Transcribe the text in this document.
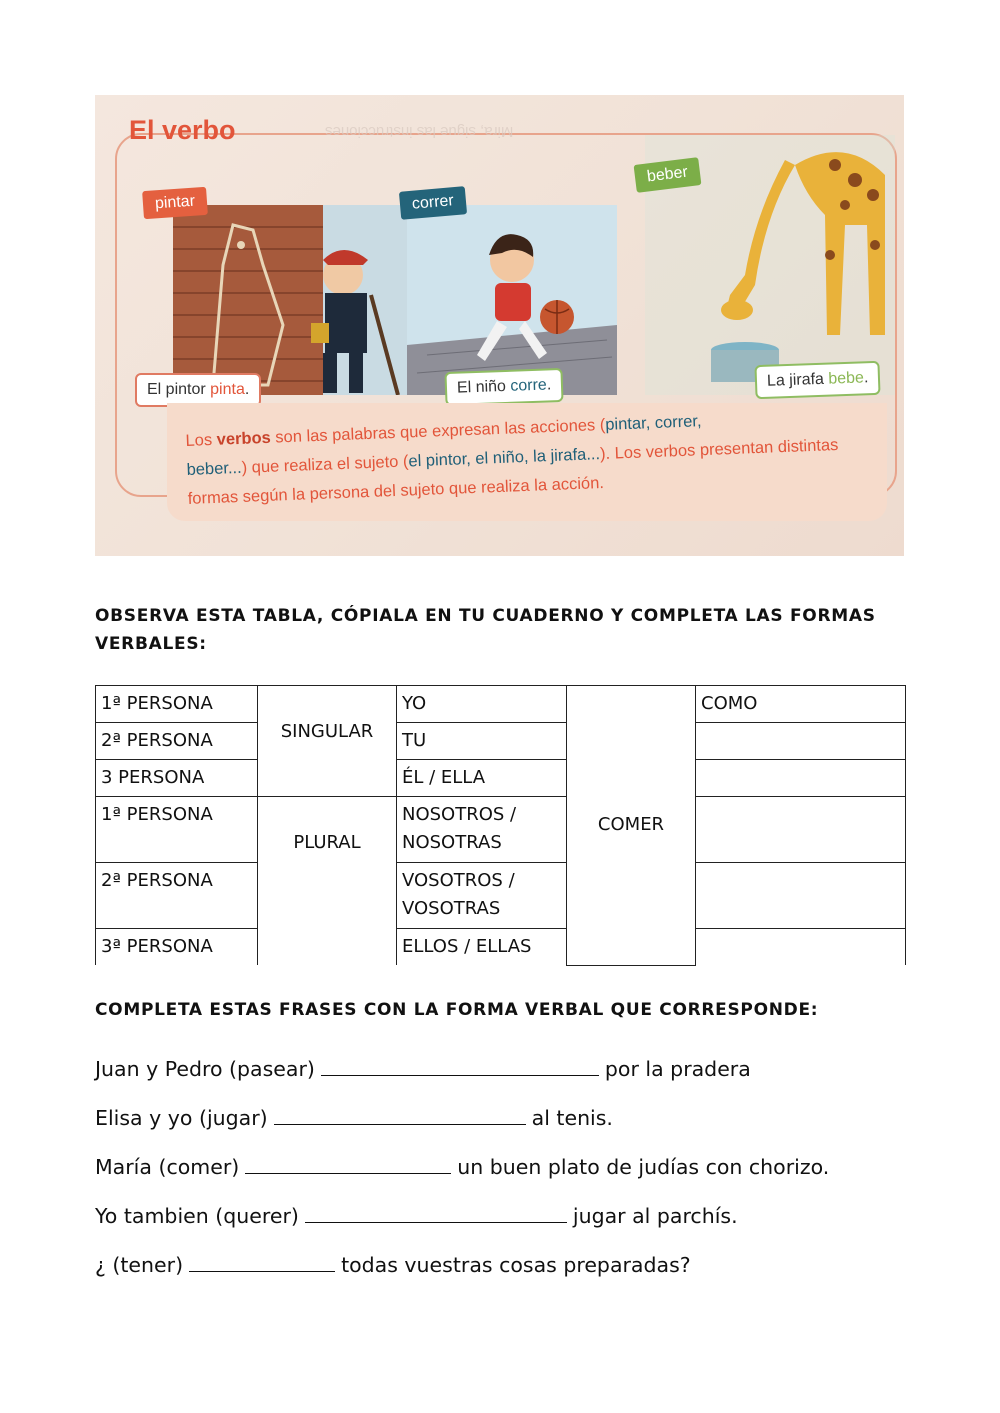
El verbo	Mira, sigue las instrucciones
pintar	correr
beber
El pintor pinta.	El niño corre.	La jirafa bebe.

Los verbos son las palabras que expresan las acciones (pintar, correr,
beber...) que realiza el sujeto (el pintor, el niño, la jirafa...). Los verbos presentan distintas formas según la persona del sujeto que realiza la acción.

OBSERVA ESTA TABLA, CÓPIALA EN TU CUADERNO Y COMPLETA LAS FORMAS VERBALES:
1ª PERSONA	SINGULAR	YO	COMER	COMO
2ª PERSONA		TU		
3 PERSONA		ÉL / ELLA		
1ª PERSONA	PLURAL	NOSOTROS / NOSOTRAS		
2ª PERSONA		VOSOTROS / VOSOTRAS		
3ª PERSONA		ELLOS / ELLAS		
COMPLETA ESTAS FRASES CON LA FORMA VERBAL QUE CORRESPONDE:
Juan y Pedro (pasear)	por la pradera
Elisa y yo (jugar)	al tenis.
María (comer)	un buen plato de judías con chorizo.
Yo tambien (querer)	jugar al parchís.
¿ (tener)	todas vuestras cosas preparadas?
